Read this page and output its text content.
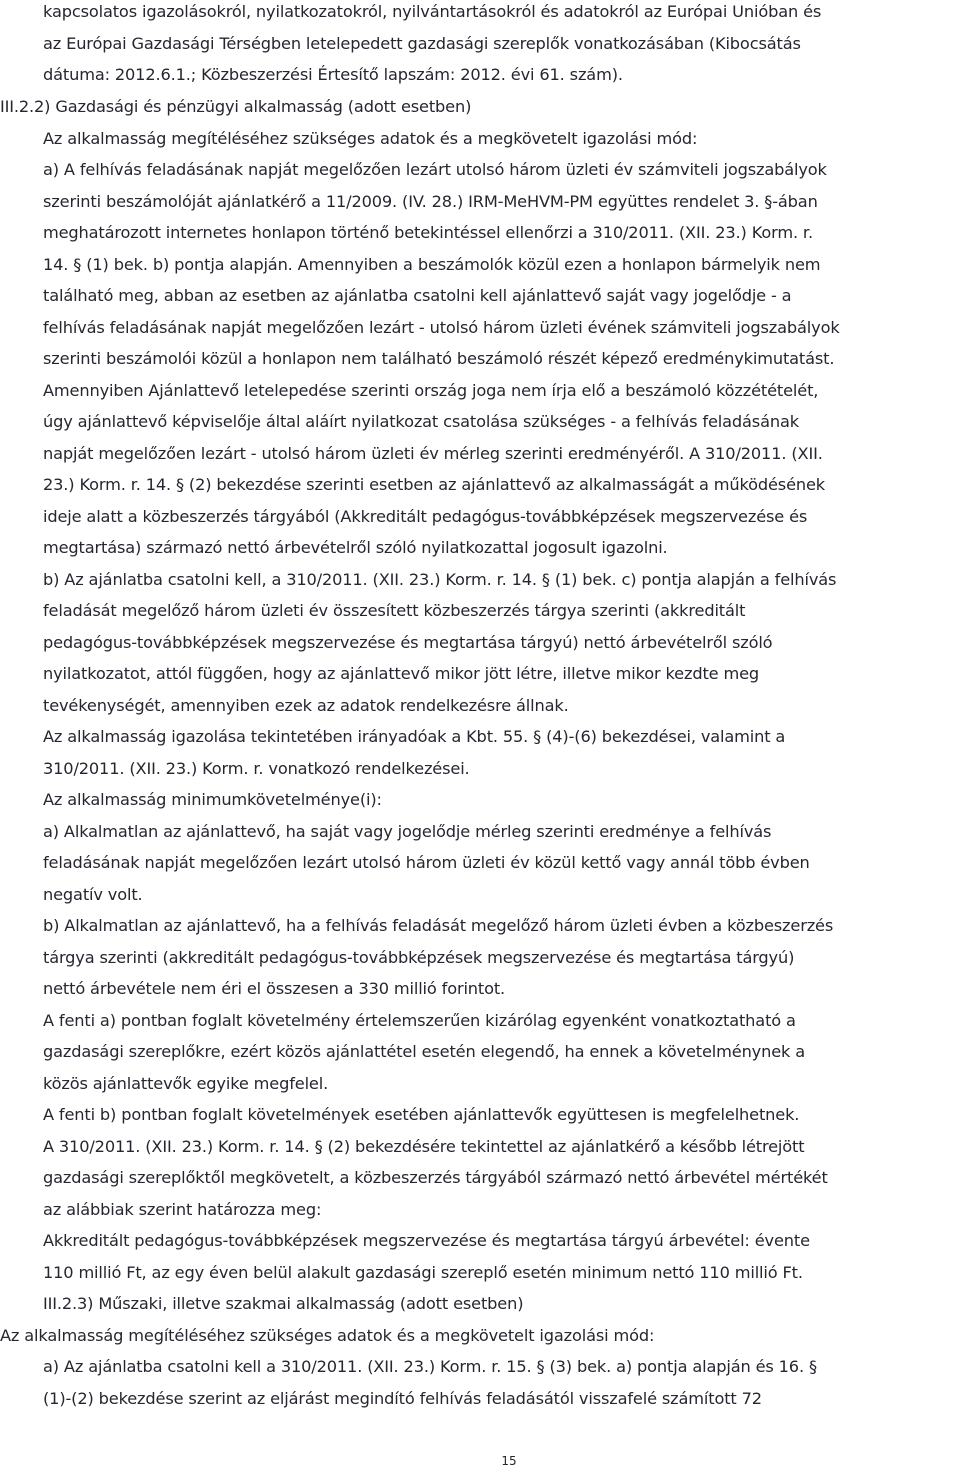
kapcsolatos igazolásokról, nyilatkozatokról, nyilvántartásokról és adatokról az Európai Unióban és
az Európai Gazdasági Térségben letelepedett gazdasági szereplők vonatkozásában (Kibocsátás
dátuma: 2012.6.1.; Közbeszerzési Értesítő lapszám: 2012. évi 61. szám).
III.2.2) Gazdasági és pénzügyi alkalmasság (adott esetben)
Az alkalmasság megítéléséhez szükséges adatok és a megkövetelt igazolási mód:
a) A felhívás feladásának napját megelőzően lezárt utolsó három üzleti év számviteli jogszabályok
szerinti beszámolóját ajánlatkérő a 11/2009. (IV. 28.) IRM-MeHVM-PM együttes rendelet 3. §-ában
meghatározott internetes honlapon történő betekintéssel ellenőrzi a 310/2011. (XII. 23.) Korm. r.
14. § (1) bek. b) pontja alapján. Amennyiben a beszámolók közül ezen a honlapon bármelyik nem
található meg, abban az esetben az ajánlatba csatolni kell ajánlattevő saját vagy jogelődje - a
felhívás feladásának napját megelőzően lezárt - utolsó három üzleti évének számviteli jogszabályok
szerinti beszámolói közül a honlapon nem található beszámoló részét képező eredménykimutatást.
Amennyiben Ajánlattevő letelepedése szerinti ország joga nem írja elő a beszámoló közzétételét,
úgy ajánlattevő képviselője által aláírt nyilatkozat csatolása szükséges - a felhívás feladásának
napját megelőzően lezárt - utolsó három üzleti év mérleg szerinti eredményéről. A 310/2011. (XII.
23.) Korm. r. 14. § (2) bekezdése szerinti esetben az ajánlattevő az alkalmasságát a működésének
ideje alatt a közbeszerzés tárgyából (Akkreditált pedagógus-továbbképzések megszervezése és
megtartása) származó nettó árbevételről szóló nyilatkozattal jogosult igazolni.
b) Az ajánlatba csatolni kell, a 310/2011. (XII. 23.) Korm. r. 14. § (1) bek. c) pontja alapján a felhívás
feladását megelőző három üzleti év összesített közbeszerzés tárgya szerinti (akkreditált
pedagógus-továbbképzések megszervezése és megtartása tárgyú) nettó árbevételről szóló
nyilatkozatot, attól függően, hogy az ajánlattevő mikor jött létre, illetve mikor kezdte meg
tevékenységét, amennyiben ezek az adatok rendelkezésre állnak.
Az alkalmasság igazolása tekintetében irányadóak a Kbt. 55. § (4)-(6) bekezdései, valamint a
310/2011. (XII. 23.) Korm. r. vonatkozó rendelkezései.
Az alkalmasság minimumkövetelménye(i):
a) Alkalmatlan az ajánlattevő, ha saját vagy jogelődje mérleg szerinti eredménye a felhívás
feladásának napját megelőzően lezárt utolsó három üzleti év közül kettő vagy annál több évben
negatív volt.
b) Alkalmatlan az ajánlattevő, ha a felhívás feladását megelőző három üzleti évben a közbeszerzés
tárgya szerinti (akkreditált pedagógus-továbbképzések megszervezése és megtartása tárgyú)
nettó árbevétele nem éri el összesen a 330 millió forintot.
A fenti a) pontban foglalt követelmény értelemszerűen kizárólag egyenként vonatkoztatható a
gazdasági szereplőkre, ezért közös ajánlattétel esetén elegendő, ha ennek a követelménynek a
közös ajánlattevők egyike megfelel.
A fenti b) pontban foglalt követelmények esetében ajánlattevők együttesen is megfelelhetnek.
A 310/2011. (XII. 23.) Korm. r. 14. § (2) bekezdésére tekintettel az ajánlatkérő a később létrejött
gazdasági szereplőktől megkövetelt, a közbeszerzés tárgyából származó nettó árbevétel mértékét
az alábbiak szerint határozza meg:
Akkreditált pedagógus-továbbképzések megszervezése és megtartása tárgyú árbevétel: évente
110 millió Ft, az egy éven belül alakult gazdasági szereplő esetén minimum nettó 110 millió Ft.
III.2.3) Műszaki, illetve szakmai alkalmasság (adott esetben)
Az alkalmasság megítéléséhez szükséges adatok és a megkövetelt igazolási mód:
a) Az ajánlatba csatolni kell a 310/2011. (XII. 23.) Korm. r. 15. § (3) bek. a) pontja alapján és 16. §
(1)-(2) bekezdése szerint az eljárást megindító felhívás feladásától visszafelé számított 72
15
